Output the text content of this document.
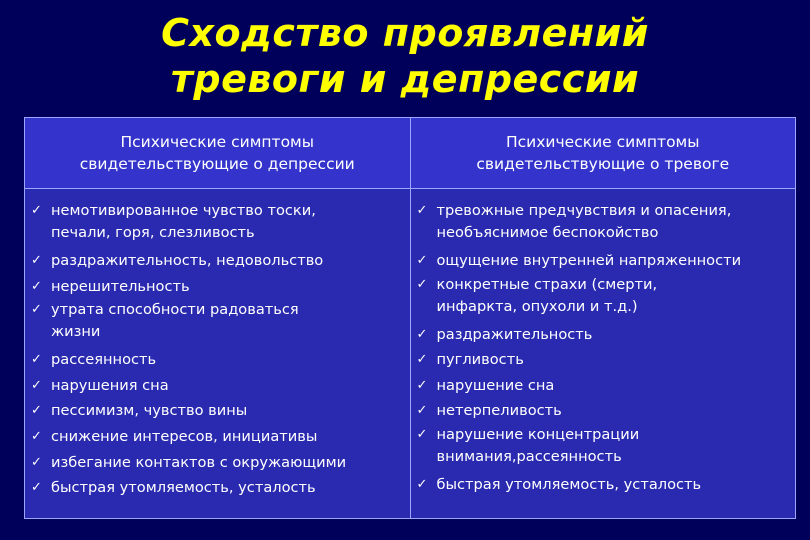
Сходство проявлений
тревоги и депрессии
Психические симптомы
свидетельствующие о депрессии
Психические симптомы
свидетельствующие о тревоге
✓ немотивированное чувство тоски,
печали, горя, слезливость
✓ раздражительность, недовольство
✓ нерешительность
✓ утрата способности радоваться
жизни
✓ рассеянность
✓ нарушения сна
✓ пессимизм, чувство вины
✓ снижение интересов, инициативы
✓ избегание контактов с окружающими
✓ быстрая утомляемость, усталость
✓ тревожные предчувствия и опасения,
необъяснимое беспокойство
✓ ощущение внутренней напряженности
✓ конкретные страхи (смерти,
инфаркта, опухоли и т.д.)
✓ раздражительность
✓ пугливость
✓ нарушение сна
✓ нетерпеливость
✓ нарушение концентрации
внимания,рассеянность
✓ быстрая утомляемость, усталость
